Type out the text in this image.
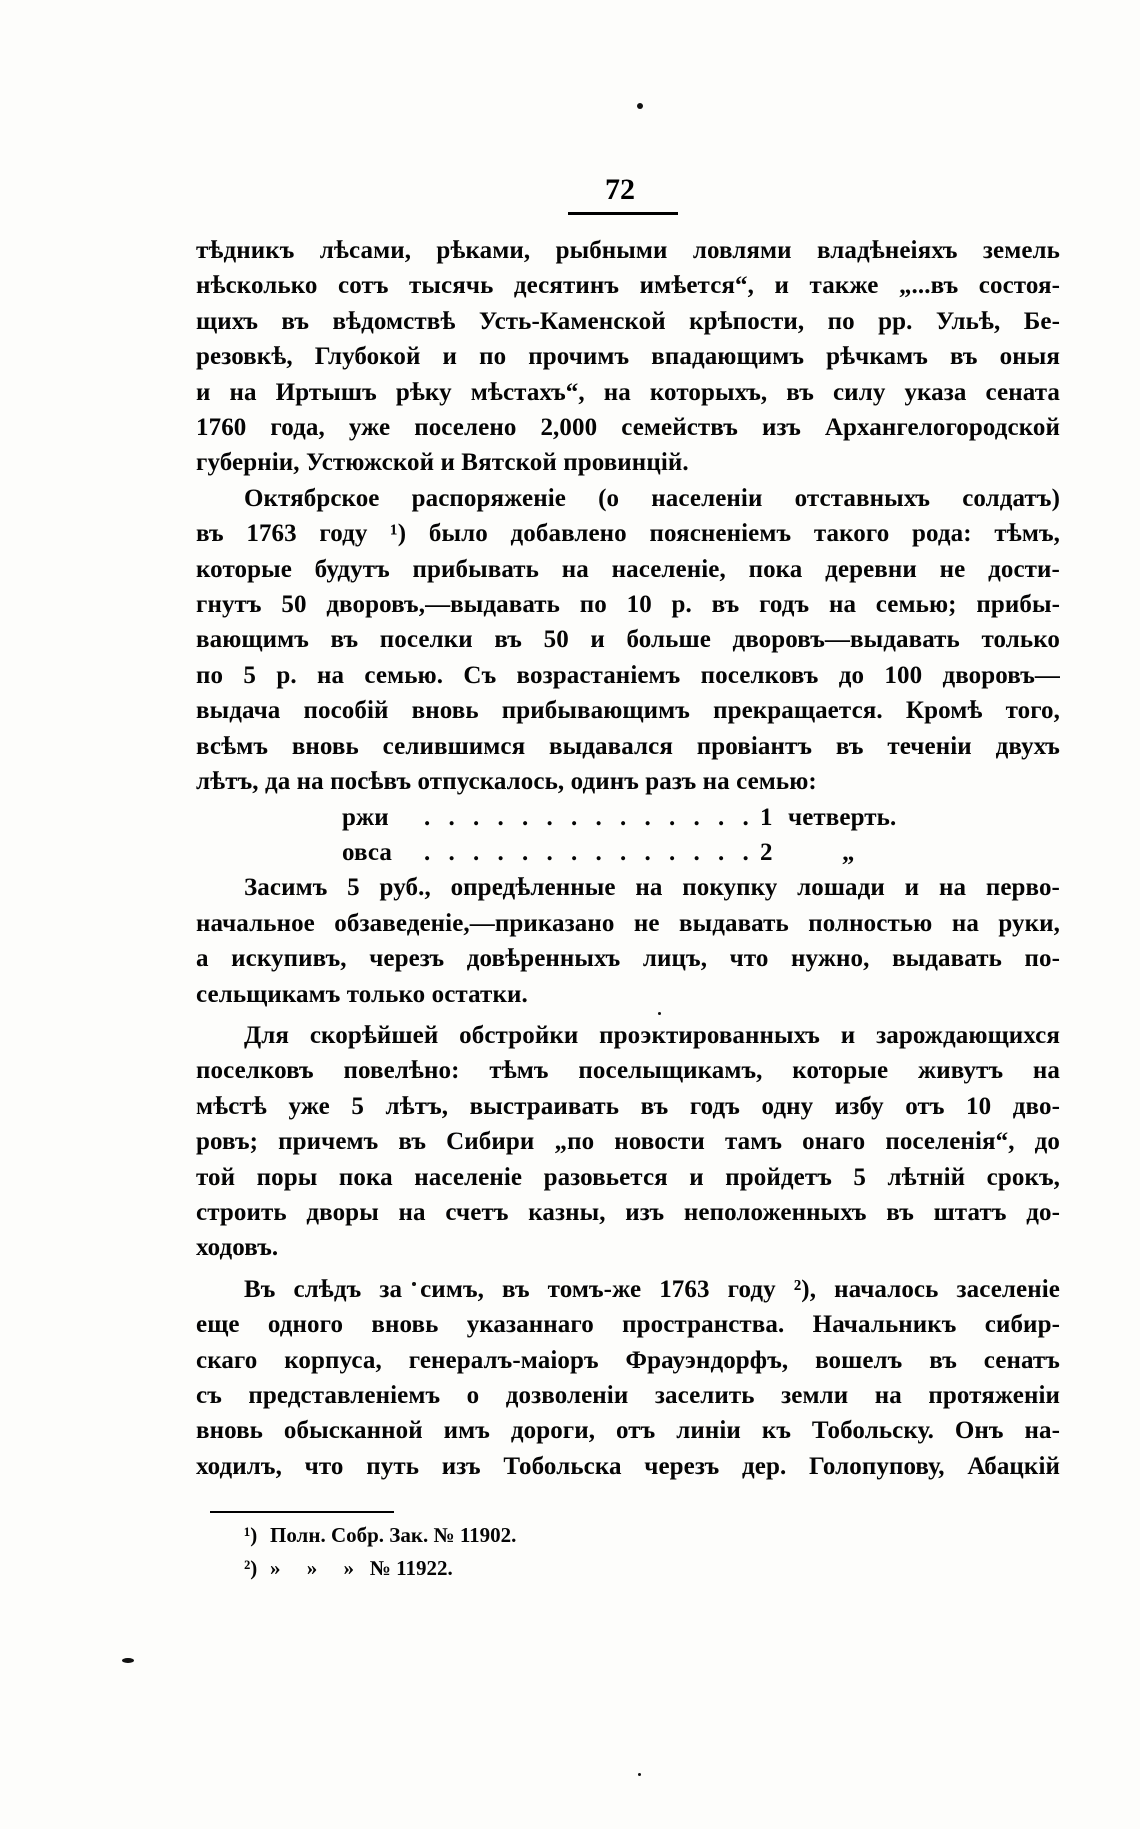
72

тѣдникъ лѣсами, рѣками, рыбными ловлями владѣнеіяхъ земель
нѣсколько сотъ тысячь десятинъ имѣется“, и также „...въ состоя-
щихъ въ вѣдомствѣ Усть-Каменской крѣпости, по рр. Ульѣ, Бе-
резовкѣ, Глубокой и по прочимъ впадающимъ рѣчкамъ въ оныя
и на Иртышъ рѣку мѣстахъ“, на которыхъ, въ силу указа сената
1760 года, уже поселено 2,000 семействъ изъ Архангелогородской
губерніи, Устюжской и Вятской провинцій.

Октябрское распоряженіе (о населеніи отставныхъ солдатъ)
въ 1763 году ¹) было добавлено поясненіемъ такого рода: тѣмъ,
которые будутъ прибывать на населеніе, пока деревни не дости-
гнутъ 50 дворовъ,—выдавать по 10 р. въ годъ на семью; прибы-
вающимъ въ поселки въ 50 и больше дворовъ—выдавать только
по 5 р. на семью. Съ возрастаніемъ поселковъ до 100 дворовъ—
выдача пособій вновь прибывающимъ прекращается. Кромѣ того,
всѣмъ вновь селившимся выдавался провіантъ въ теченіи двухъ
лѣтъ, да на посѣвъ отпускалось, одинъ разъ на семью:

ржи	. . . . . . . . . . . . . . 1 четверть.
овса	. . . . . . . . . . . . . . 2	„

Засимъ 5 руб., опредѣленные на покупку лошади и на перво-
начальное обзаведеніе,—приказано не выдавать полностью на руки,
а искупивъ, черезъ довѣренныхъ лицъ, что нужно, выдавать по-
сельщикамъ только остатки.

Для скорѣйшей обстройки проэктированныхъ и зарождающихся
поселковъ повелѣно: тѣмъ поселыщикамъ, которые живутъ на
мѣстѣ уже 5 лѣтъ, выстраивать въ годъ одну избу отъ 10 дво-
ровъ; причемъ въ Сибири „по новости тамъ онаго поселенія“, до
той поры пока населеніе разовьется и пройдетъ 5 лѣтній срокъ,
строить дворы на счетъ казны, изъ неположенныхъ въ штатъ до-
ходовъ.

Въ слѣдъ за симъ, въ томъ-же 1763 году ²), началось заселеніе
еще одного вновь указаннаго пространства. Начальникъ сибир-
скаго корпуса, генералъ-маіоръ Фрауэндорфъ, вошелъ въ сенатъ
съ представленіемъ о дозволеніи заселить земли на протяженіи
вновь обысканной имъ дороги, отъ линіи къ Тобольску. Онъ на-
ходилъ, что путь изъ Тобольска черезъ дер. Голопупову, Абацкій

¹) Полн. Собр. Зак. № 11902.
²) »     »     »   № 11922.
